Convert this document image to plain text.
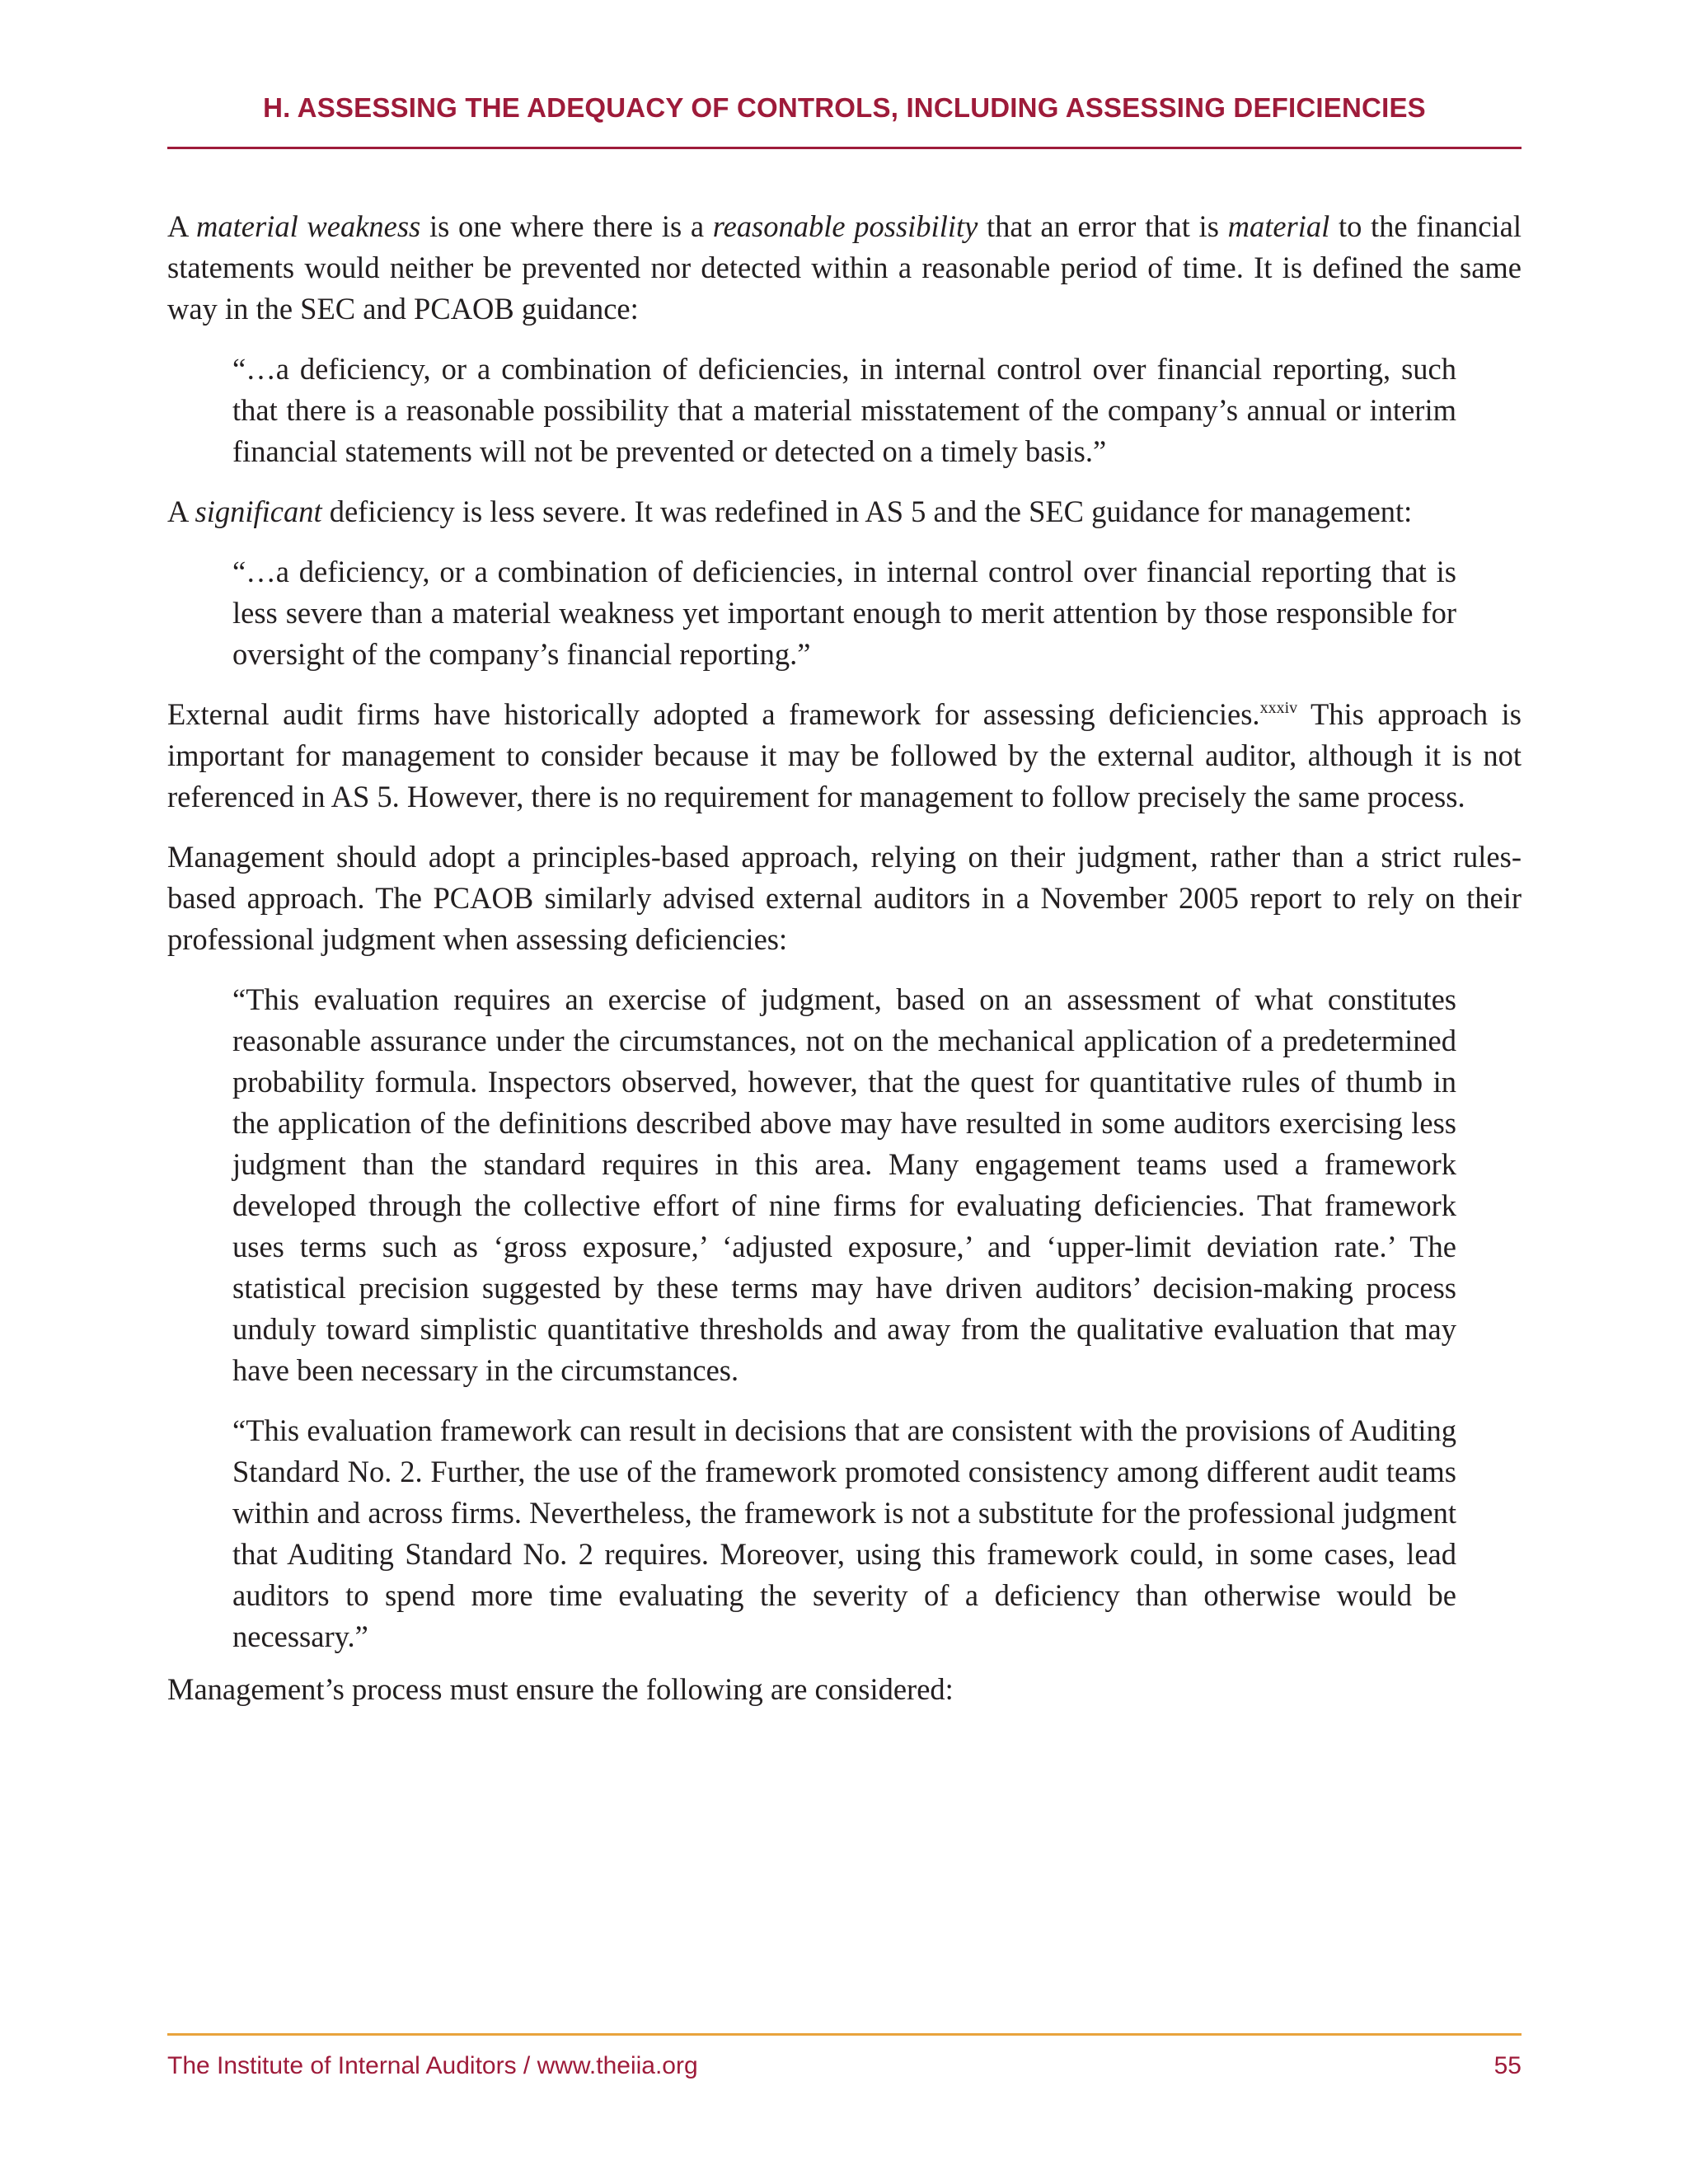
H. ASSESSING THE ADEQUACY OF CONTROLS, INCLUDING ASSESSING DEFICIENCIES

A material weakness is one where there is a reasonable possibility that an error that is material to the financial statements would neither be prevented nor detected within a reasonable period of time. It is defined the same way in the SEC and PCAOB guidance:

“…a deficiency, or a combination of deficiencies, in internal control over financial reporting, such that there is a reasonable possibility that a material misstatement of the company’s annual or interim financial statements will not be prevented or detected on a timely basis.”

A significant deficiency is less severe. It was redefined in AS 5 and the SEC guidance for management:

“…a deficiency, or a combination of deficiencies, in internal control over financial reporting that is less severe than a material weakness yet important enough to merit attention by those responsible for oversight of the company’s financial reporting.”

External audit firms have historically adopted a framework for assessing deficiencies.$^{xxxiv}$ This approach is important for management to consider because it may be followed by the external auditor, although it is not referenced in AS 5. However, there is no requirement for management to follow precisely the same process.

Management should adopt a principles-based approach, relying on their judgment, rather than a strict rules-based approach. The PCAOB similarly advised external auditors in a November 2005 report to rely on their professional judgment when assessing deficiencies:

“This evaluation requires an exercise of judgment, based on an assessment of what constitutes reasonable assurance under the circumstances, not on the mechanical application of a predetermined probability formula. Inspectors observed, however, that the quest for quantitative rules of thumb in the application of the definitions described above may have resulted in some auditors exercising less judgment than the standard requires in this area. Many engagement teams used a framework developed through the collective effort of nine firms for evaluating deficiencies. That framework uses terms such as ‘gross exposure,’ ‘adjusted exposure,’ and ‘upper-limit deviation rate.’ The statistical precision suggested by these terms may have driven auditors’ decision-making process unduly toward simplistic quantitative thresholds and away from the qualitative evaluation that may have been necessary in the circumstances.

“This evaluation framework can result in decisions that are consistent with the provisions of Auditing Standard No. 2. Further, the use of the framework promoted consistency among different audit teams within and across firms. Nevertheless, the framework is not a substitute for the professional judgment that Auditing Standard No. 2 requires. Moreover, using this framework could, in some cases, lead auditors to spend more time evaluating the severity of a deficiency than otherwise would be necessary.”

Management’s process must ensure the following are considered:

The Institute of Internal Auditors / www.theiia.org	55
